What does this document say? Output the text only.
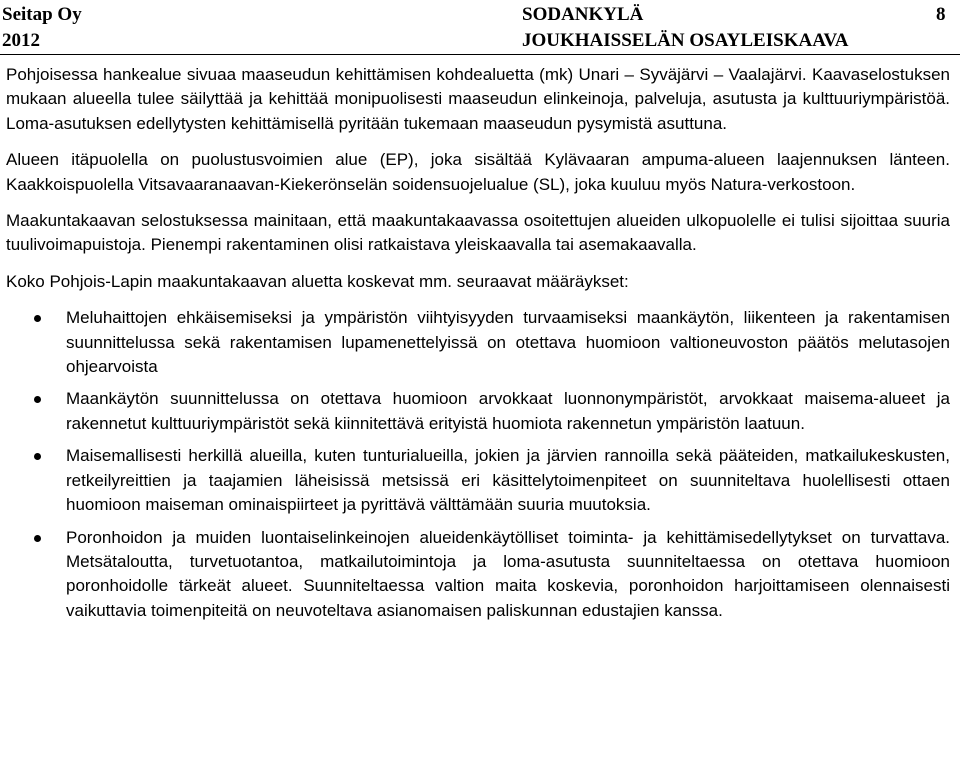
Seitap Oy
2012
SODANKYLÄ
JOUKHAISSELÄN OSAYLEISKAAVA
8

Pohjoisessa hankealue sivuaa maaseudun kehittämisen kohdealuetta (mk) Unari – Syväjärvi – Vaalajärvi. Kaavaselostuksen mukaan alueella tulee säilyttää ja kehittää monipuolisesti maaseudun elinkeinoja, palveluja, asutusta ja kulttuuriympäristöä. Loma-asutuksen edellytysten kehittämisellä pyritään tukemaan maaseudun pysymistä asuttuna.

Alueen itäpuolella on puolustusvoimien alue (EP), joka sisältää Kylävaaran ampuma-alueen laajennuksen länteen. Kaakkoispuolella Vitsavaaranaavan-Kiekerönselän soidensuojelualue (SL), joka kuuluu myös Natura-verkostoon.

Maakuntakaavan selostuksessa mainitaan, että maakuntakaavassa osoitettujen alueiden ulkopuolelle ei tulisi sijoittaa suuria tuulivoimapuistoja. Pienempi rakentaminen olisi ratkaistava yleiskaavalla tai asemakaavalla.

Koko Pohjois-Lapin maakuntakaavan aluetta koskevat mm. seuraavat määräykset:

Meluhaittojen ehkäisemiseksi ja ympäristön viihtyisyyden turvaamiseksi maankäytön, liikenteen ja rakentamisen suunnittelussa sekä rakentamisen lupamenettelyissä on otettava huomioon valtioneuvoston päätös melutasojen ohjearvoista
Maankäytön suunnittelussa on otettava huomioon arvokkaat luonnonympäristöt, arvokkaat maisema-alueet ja rakennetut kulttuuriympäristöt sekä kiinnitettävä erityistä huomiota rakennetun ympäristön laatuun.
Maisemallisesti herkillä alueilla, kuten tunturialueilla, jokien ja järvien rannoilla sekä pääteiden, matkailukeskusten, retkeilyreittien ja taajamien läheisissä metsissä eri käsittelytoimenpiteet on suunniteltava huolellisesti ottaen huomioon maiseman ominaispiirteet ja pyrittävä välttämään suuria muutoksia.
Poronhoidon ja muiden luontaiselinkeinojen alueidenkäytölliset toiminta- ja kehittämisedellytykset on turvattava. Metsätaloutta, turvetuotantoa, matkailutoimintoja ja loma-asutusta suunniteltaessa on otettava huomioon poronhoidolle tärkeät alueet. Suunniteltaessa valtion maita koskevia, poronhoidon harjoittamiseen olennaisesti vaikuttavia toimenpiteitä on neuvoteltava asianomaisen paliskunnan edustajien kanssa.
